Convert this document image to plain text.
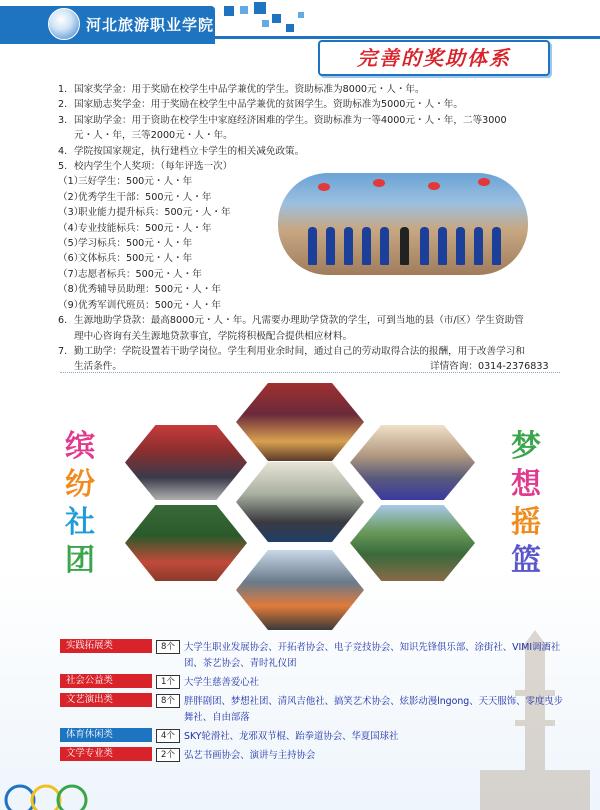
河北旅游职业学院
完善的奖助体系
1. 国家奖学金：用于奖励在校学生中品学兼优的学生。资助标准为8000元・人・年。
2. 国家励志奖学金：用于奖励在校学生中品学兼优的贫困学生。资助标准为5000元・人・年。
3. 国家助学金：用于资助在校学生中家庭经济困难的学生。资助标准为一等4000元・人・年，二等3000元・人・年，三等2000元・人・年。
4. 学院按国家规定，执行建档立卡学生的相关减免政策。
5. 校内学生个人奖项：（每年评选一次）
（1）
三好学生：500元・人・年
（2）
优秀学生干部：500元・人・年
（3）
职业能力提升标兵：500元・人・年
（4）
专业技能标兵：500元・人・年
（5）
学习标兵：500元・人・年
（6）
文体标兵：500元・人・年
（7）
志愿者标兵：500元・人・年
（8）
优秀辅导员助理：500元・人・年
（9）
优秀军训代班员：500元・人・年
6. 生源地助学贷款：最高8000元・人・年。凡需要办理助学贷款的学生，可到当地的县（市/区）学生资助管理中心咨询有关生源地贷款事宜，学院将积极配合提供相应材料。
7. 勤工助学：学院设置若干助学岗位。学生利用业余时间，通过自己的劳动取得合法的报酬，用于改善学习和生活条件。	详情咨询：0314-2376833
缤
纷
社
团
梦
想
摇
篮
实践拓展类	8个 大学生职业发展协会、开拓者协会、电子竞技协会、知识先锋俱乐部、涂街社、VIMI调酒社团、茶艺协会、青时礼仪团
社会公益类	1个 大学生慈善爱心社
文艺演出类	8个 胖胖剧团、梦想社团、清风吉他社、搞笑艺术协会、炫影动漫lngong、天天服饰、零度曳步舞社、自由部落
体育休闲类	4个 SKY轮滑社、龙邪双节棍、跆拳道协会、华夏国球社
文学专业类	2个 弘艺书画协会、演讲与主持协会
